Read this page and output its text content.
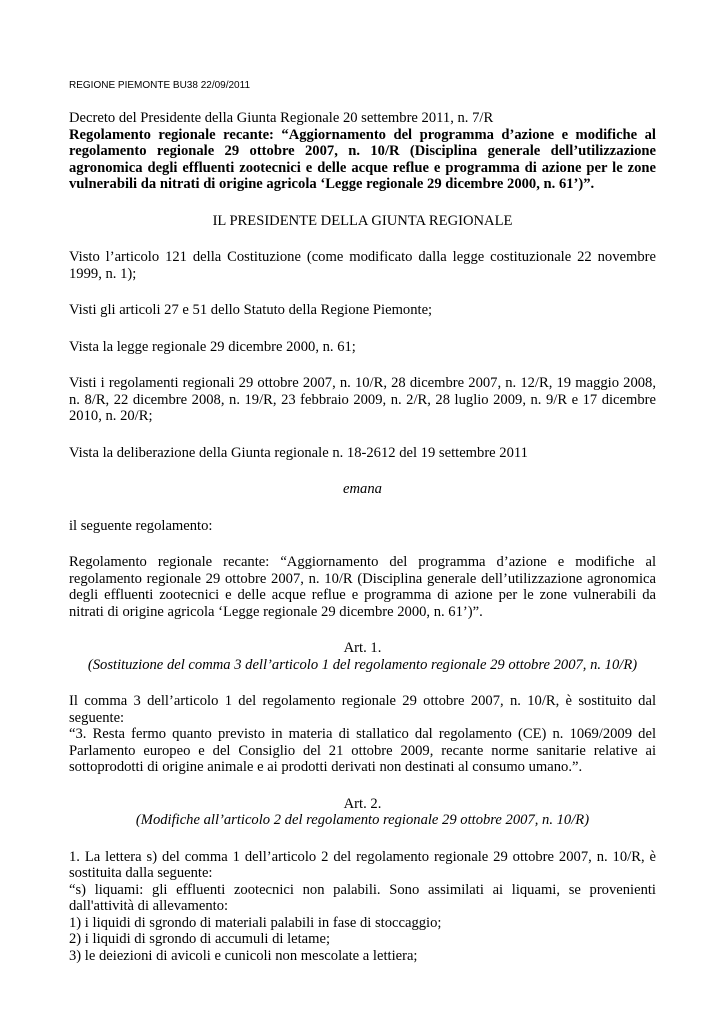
REGIONE PIEMONTE BU38 22/09/2011

Decreto del Presidente della Giunta Regionale 20 settembre 2011, n. 7/R

Regolamento regionale recante: “Aggiornamento del programma d’azione e modifiche al regolamento regionale 29 ottobre 2007, n. 10/R (Disciplina generale dell’utilizzazione agronomica degli effluenti zootecnici e delle acque reflue e programma di azione per le zone vulnerabili da nitrati di origine agricola ‘Legge regionale 29 dicembre 2000, n. 61’)”.

IL PRESIDENTE DELLA GIUNTA REGIONALE

Visto l’articolo 121 della Costituzione (come modificato dalla legge costituzionale 22 novembre 1999, n. 1);

Visti gli articoli 27 e 51 dello Statuto della Regione Piemonte;

Vista la legge regionale 29 dicembre 2000, n. 61;

Visti i regolamenti regionali 29 ottobre 2007, n. 10/R, 28 dicembre 2007, n. 12/R, 19 maggio 2008, n. 8/R, 22 dicembre 2008, n. 19/R, 23 febbraio 2009, n. 2/R, 28 luglio 2009, n. 9/R e 17 dicembre 2010, n. 20/R;

Vista la deliberazione della Giunta regionale n. 18-2612 del 19 settembre 2011

emana

il seguente regolamento:

Regolamento regionale recante: “Aggiornamento del programma d’azione e modifiche al regolamento regionale 29 ottobre 2007, n. 10/R (Disciplina generale dell’utilizzazione agronomica degli effluenti zootecnici e delle acque reflue e programma di azione per le zone vulnerabili da nitrati di origine agricola ‘Legge regionale 29 dicembre 2000, n. 61’)”.

Art. 1.

(Sostituzione del comma 3 dell’articolo 1 del regolamento regionale 29 ottobre 2007, n. 10/R)

Il comma 3 dell’articolo 1 del regolamento regionale 29 ottobre 2007, n. 10/R, è sostituito dal seguente:

“3. Resta fermo quanto previsto in materia di stallatico dal regolamento (CE) n. 1069/2009 del Parlamento europeo e del Consiglio del 21 ottobre 2009, recante norme sanitarie relative ai sottoprodotti di origine animale e ai prodotti derivati non destinati al consumo umano.”.

Art. 2.

(Modifiche all’articolo 2 del regolamento regionale 29 ottobre 2007, n. 10/R)

1. La lettera s) del comma 1 dell’articolo 2 del regolamento regionale 29 ottobre 2007, n. 10/R, è sostituita dalla seguente:

“s) liquami: gli effluenti zootecnici non palabili. Sono assimilati ai liquami, se provenienti dall'attività di allevamento:

1) i liquidi di sgrondo di materiali palabili in fase di stoccaggio;

2) i liquidi di sgrondo di accumuli di letame;

3) le deiezioni di avicoli e cunicoli non mescolate a lettiera;
